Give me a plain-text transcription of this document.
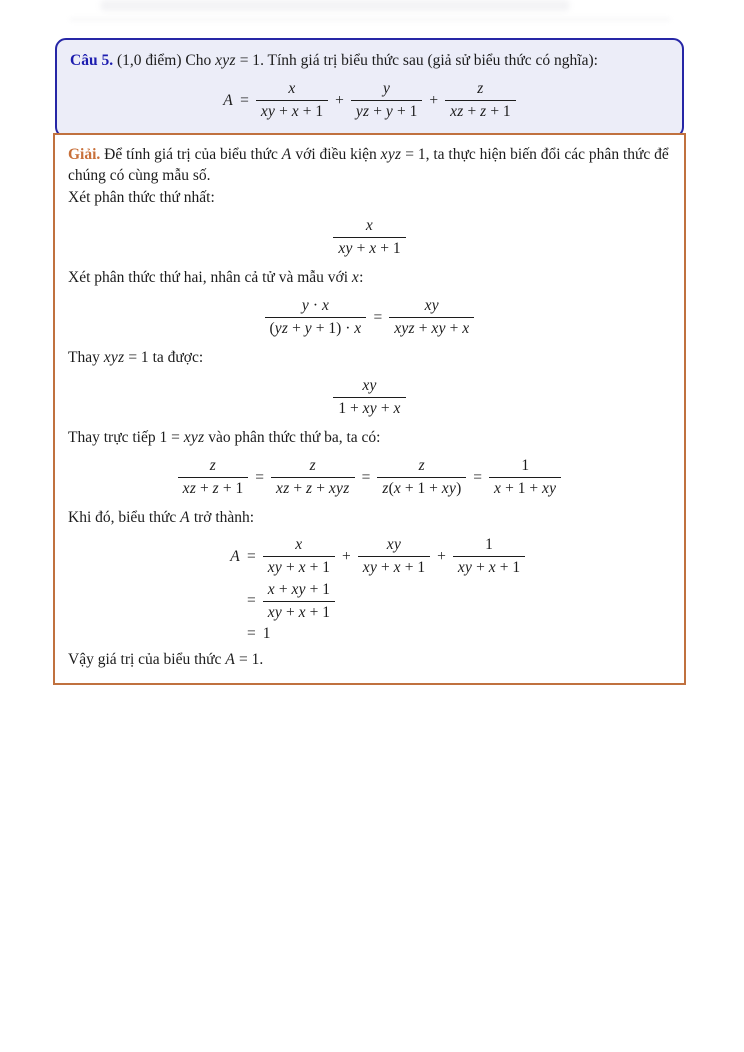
Câu 5. (1,0 điểm) Cho xyz = 1. Tính giá trị biểu thức sau (giả sử biểu thức có nghĩa):

$A = \frac{x}{xy + x + 1} + \frac{y}{yz + y + 1} + \frac{z}{xz + z + 1}$

Giải. Để tính giá trị của biểu thức A với điều kiện xyz = 1, ta thực hiện biến đổi các phân thức để chúng có cùng mẫu số.

Xét phân thức thứ nhất:

$\frac{x}{xy + x + 1}$

Xét phân thức thứ hai, nhân cả tử và mẫu với x:

$\frac{y \cdot x}{(yz + y + 1) \cdot x} = \frac{xy}{\text{xyz + xy + x}}$

Thay xyz = 1 ta được:

$\frac{xy}{1 + xy + x}$

Thay trực tiếp 1 = xyz vào phân thức thứ ba, ta có:

$\frac{z}{xz + z + 1} = \frac{z}{\text{xz + z + xyz}} = \frac{z}{z(x + 1 + xy)} = \frac{1}{x + 1 + xy}$

Khi đó, biểu thức A trở thành:

$A = \frac{x}{xy + x + 1} + \frac{xy}{xy + x + 1} + \frac{1}{xy + x + 1}$
= $\frac{x + xy + 1}{xy + x + 1}$
= 1

Vậy giá trị của biểu thức A = 1.
